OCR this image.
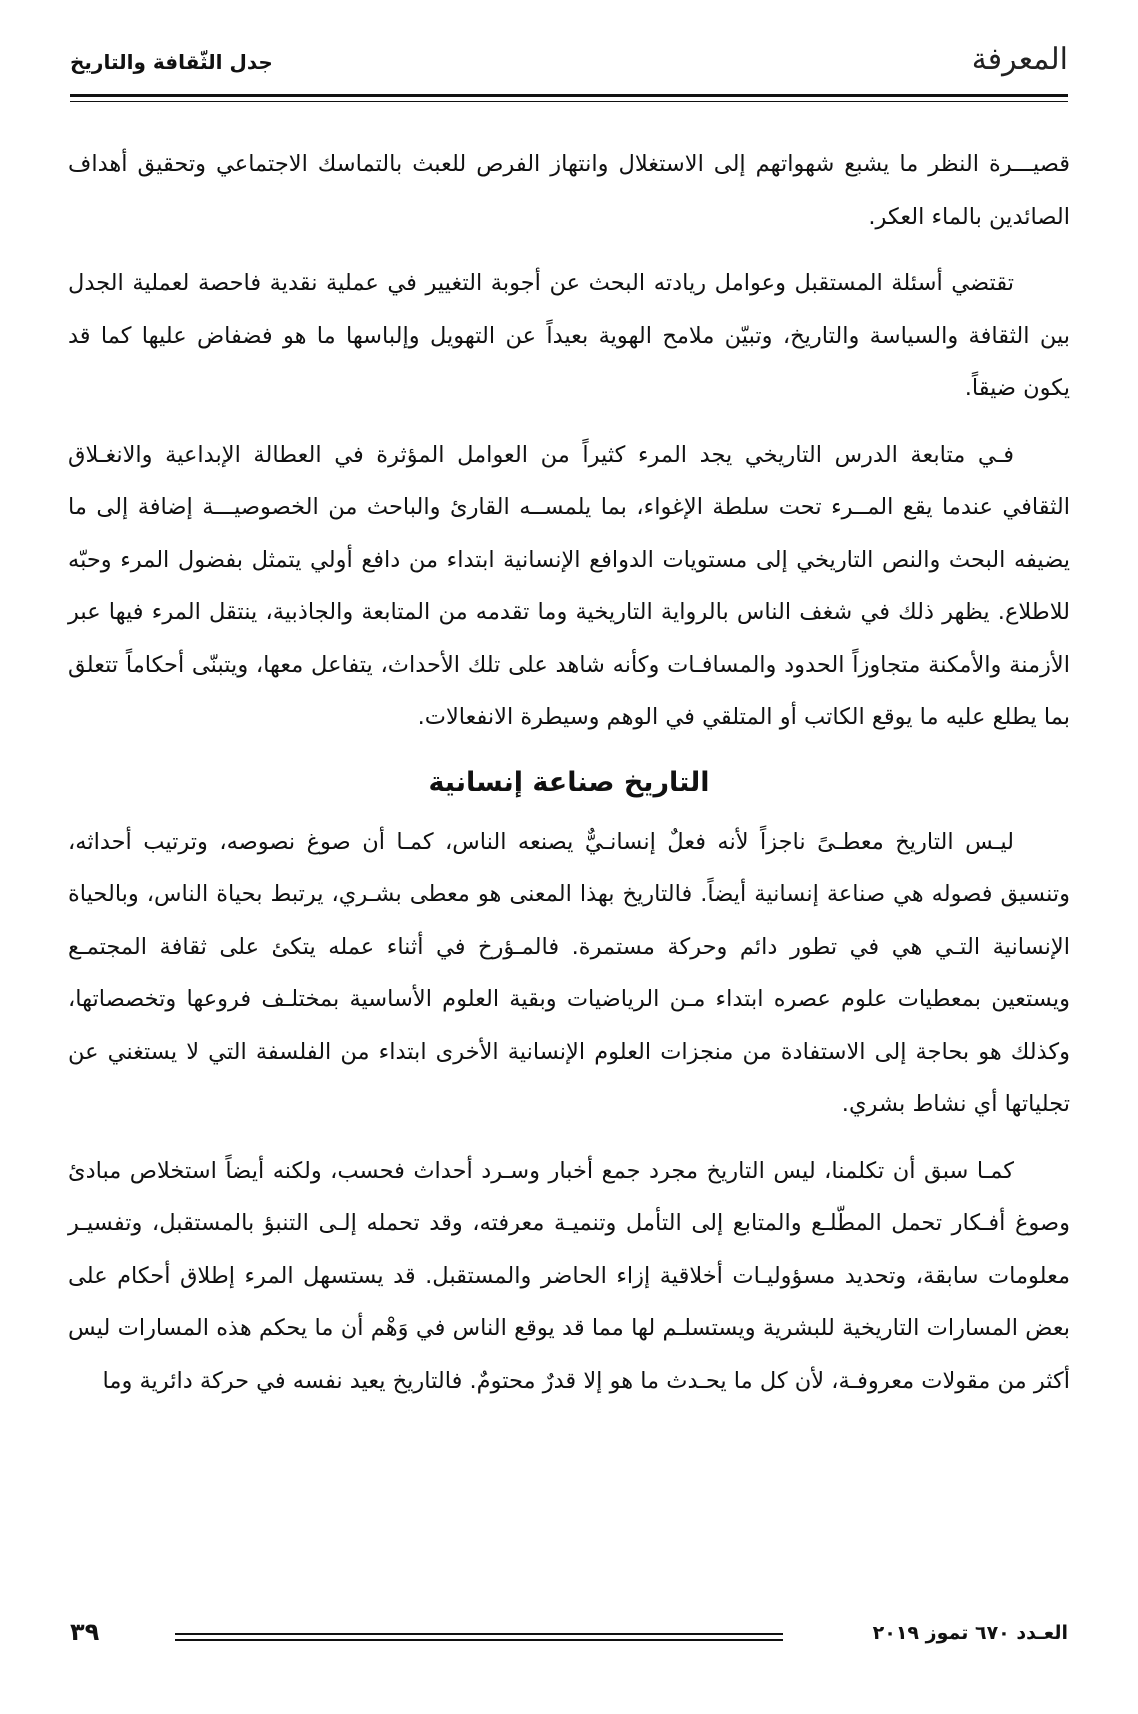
المعرفة
جدل الثّقافة والتاريخ

قصيـــرة النظر ما يشبع شهواتهم إلى الاستغلال وانتهاز الفرص للعبث بالتماسك الاجتماعي وتحقيق أهداف الصائدين بالماء العكر.

تقتضي أسئلة المستقبل وعوامل ريادته البحث عن أجوبة التغيير في عملية نقدية فاحصة لعملية الجدل بين الثقافة والسياسة والتاريخ، وتبيّن ملامح الهوية بعيداً عن التهويل وإلباسها ما هو فضفاض عليها كما قد يكون ضيقاً.

فـي متابعة الدرس التاريخي يجد المرء كثيراً من العوامل المؤثرة في العطالة الإبداعية والانغـلاق الثقافي عندما يقع المــرء تحت سلطة الإغواء، بما يلمســه القارئ والباحث من الخصوصيـــة إضافة إلى ما يضيفه البحث والنص التاريخي إلى مستويات الدوافع الإنسانية ابتداء من دافع أولي يتمثل بفضول المرء وحبّه للاطلاع. يظهر ذلك في شغف الناس بالرواية التاريخية وما تقدمه من المتابعة والجاذبية، ينتقل المرء فيها عبر الأزمنة والأمكنة متجاوزاً الحدود والمسافـات وكأنه شاهد على تلك الأحداث، يتفاعل معها، ويتبنّى أحكاماً تتعلق بما يطلع عليه ما يوقع الكاتب أو المتلقي في الوهم وسيطرة الانفعالات.

التاريخ صناعة إنسانية

ليـس التاريخ معطـىً ناجزاً لأنه فعلٌ إنسانـيٌّ يصنعه الناس، كمـا أن صوغ نصوصه، وترتيب أحداثه، وتنسيق فصوله هي صناعة إنسانية أيضاً. فالتاريخ بهذا المعنى هو معطى بشـري، يرتبط بحياة الناس، وبالحياة الإنسانية التـي هي في تطور دائم وحركة مستمرة. فالمـؤرخ في أثناء عمله يتكئ على ثقافة المجتمـع ويستعين بمعطيات علوم عصره ابتداء مـن الرياضيات وبقية العلوم الأساسية بمختلـف فروعها وتخصصاتها، وكذلك هو بحاجة إلى الاستفادة من منجزات العلوم الإنسانية الأخرى ابتداء من الفلسفة التي لا يستغني عن تجلياتها أي نشاط بشري.

كمـا سبق أن تكلمنا، ليس التاريخ مجرد جمع أخبار وسـرد أحداث فحسب، ولكنه أيضاً استخلاص مبادئ وصوغ أفـكار تحمل المطّلـع والمتابع إلى التأمل وتنميـة معرفته، وقد تحمله إلـى التنبؤ بالمستقبل، وتفسيـر معلومات سابقة، وتحديد مسؤوليـات أخلاقية إزاء الحاضر والمستقبل. قد يستسهل المرء إطلاق أحكام على بعض المسارات التاريخية للبشرية ويستسلـم لها مما قد يوقع الناس في وَهْم أن ما يحكم هذه المسارات ليس أكثر من مقولات معروفـة، لأن كل ما يحـدث ما هو إلا قدرٌ محتومٌ. فالتاريخ يعيد نفسه في حركة دائرية وما

العـدد ٦٧٠ تموز ٢٠١٩
٣٩
